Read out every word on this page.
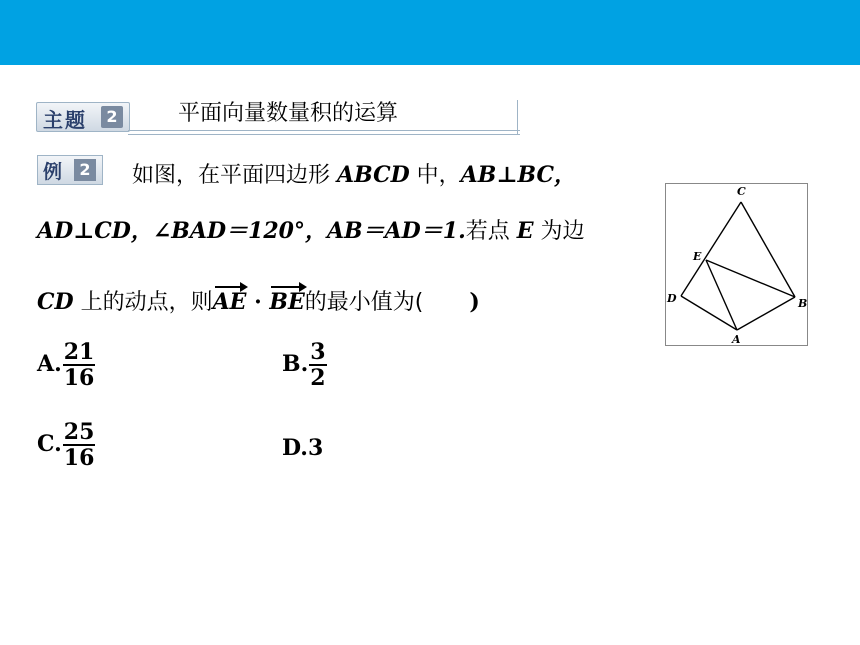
主题	2	平面向量数量积的运算
例	2 如图，在平面四边形 ABCD 中，AB⊥BC，
AD⊥CD，∠BAD＝120°，AB＝AD＝1.若点 E 为边
CD 上的动点，则AE · BE的最小值为(      )
A. $\frac{21}{16}$	B. $\frac{3}{2}$
C. $\frac{25}{16}$	D.3
C
B
A
D
E
